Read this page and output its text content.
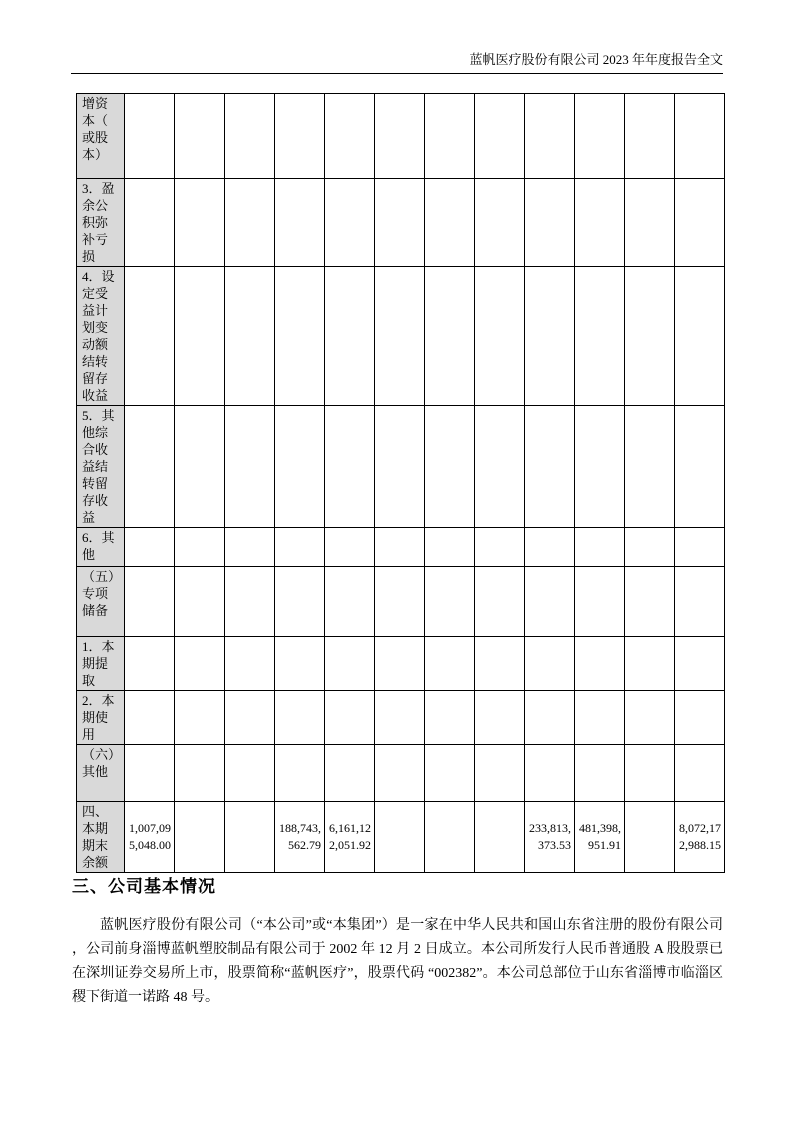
蓝帆医疗股份有限公司 2023 年年度报告全文
增资本（或股本）												
3．盈余公积弥补亏损												
4．设定受益计划变动额结转留存收益												
5．其他综合收益结转留存收益												
6．其他												
（五）专项储备												
1．本期提取												
2．本期使用												
（六）其他												
四、本期期末余额	1,007,095,048.00			188,743,562.79	6,161,122,051.92				233,813,373.53	481,398,951.91		8,072,172,988.15
三、公司基本情况

蓝帆医疗股份有限公司（“本公司”或“本集团”）是一家在中华人民共和国山东省注册的股份有限公司，公司前身淄博蓝帆塑胶制品有限公司于 2002 年 12 月 2 日成立。本公司所发行人民币普通股 A 股股票已在深圳证券交易所上市，股票简称“蓝帆医疗”，股票代码 “002382”。本公司总部位于山东省淄博市临淄区稷下街道一诺路 48 号。
